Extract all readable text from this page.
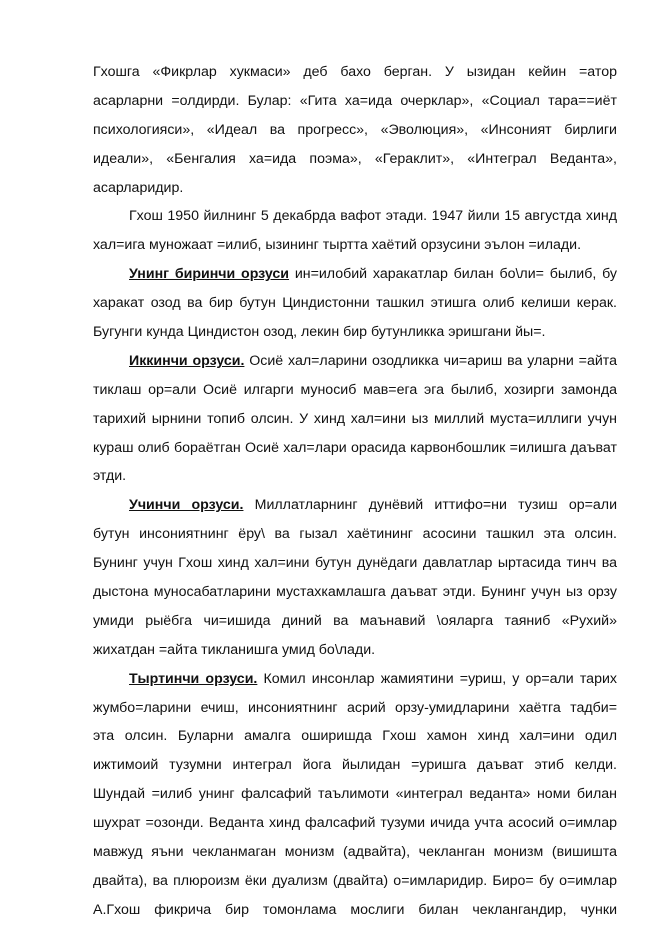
Гхошга «Фикрлар хукмаси» деб бахо берган. У ызидан кейин =атор
асарларни =олдирди. Булар: «Гита ха=ида очерклар», «Социал тара==иёт
психологияси», «Идеал ва прогресс», «Эволюция», «Инсоният бирлиги
идеали», «Бенгалия ха=ида поэма», «Гераклит», «Интеграл Веданта»,
асарларидир.
Гхош 1950 йилнинг 5 декабрда вафот этади. 1947 йили 15 августда хинд
хал=ига муножаат =илиб, ызининг тыртта хаётий орзусини эълон =илади.
Унинг биринчи орзуси ин=илобий харакатлар билан бо\ли= былиб, бу
харакат озод ва бир бутун Циндистонни ташкил этишга олиб келиши керак.
Бугунги кунда Циндистон озод, лекин бир бутунликка эришгани йы=.
Иккинчи орзуси. Осиё хал=ларини озодликка чи=ариш ва уларни =айта
тиклаш ор=али Осиё илгарги муносиб мав=ега эга былиб, хозирги замонда
тарихий ырнини топиб олсин. У хинд хал=ини ыз миллий муста=иллиги учун
кураш олиб бораётган Осиё хал=лари орасида карвонбошлик =илишга даъват
этди.
Учинчи орзуси. Миллатларнинг дунёвий иттифо=ни тузиш ор=али
бутун инсониятнинг ёру\ ва гызал хаётининг асосини ташкил эта олсин.
Бунинг учун Гхош хинд хал=ини бутун дунёдаги давлатлар ыртасида тинч ва
дыстона муносабатларини мустахкамлашга даъват этди. Бунинг учун ыз орзу
умиди рыёбга чи=ишида диний ва маънавий \ояларга таяниб «Рухий»
жихатдан =айта тикланишга умид бо\лади.
Тыртинчи орзуси. Комил инсонлар жамиятини =уриш, у ор=али тарих
жумбо=ларини ечиш, инсониятнинг асрий орзу-умидларини хаётга тадби=
эта олсин. Буларни амалга оширишда Гхош хамон хинд хал=ини одил
ижтимоий тузумни интеграл йога йылидан =уришга даъват этиб келди.
Шундай =илиб унинг фалсафий таълимоти «интеграл веданта» номи билан
шухрат =озонди. Веданта хинд фалсафий тузуми ичида учта асосий о=имлар
мавжуд яъни чекланмаган монизм (адвайта), чекланган монизм (вишишта
двайта), ва плюроизм ёки дуализм (двайта) о=имларидир. Биро= бу о=имлар
А.Гхош фикрича бир томонлама мослиги билан чеклангандир, чунки
